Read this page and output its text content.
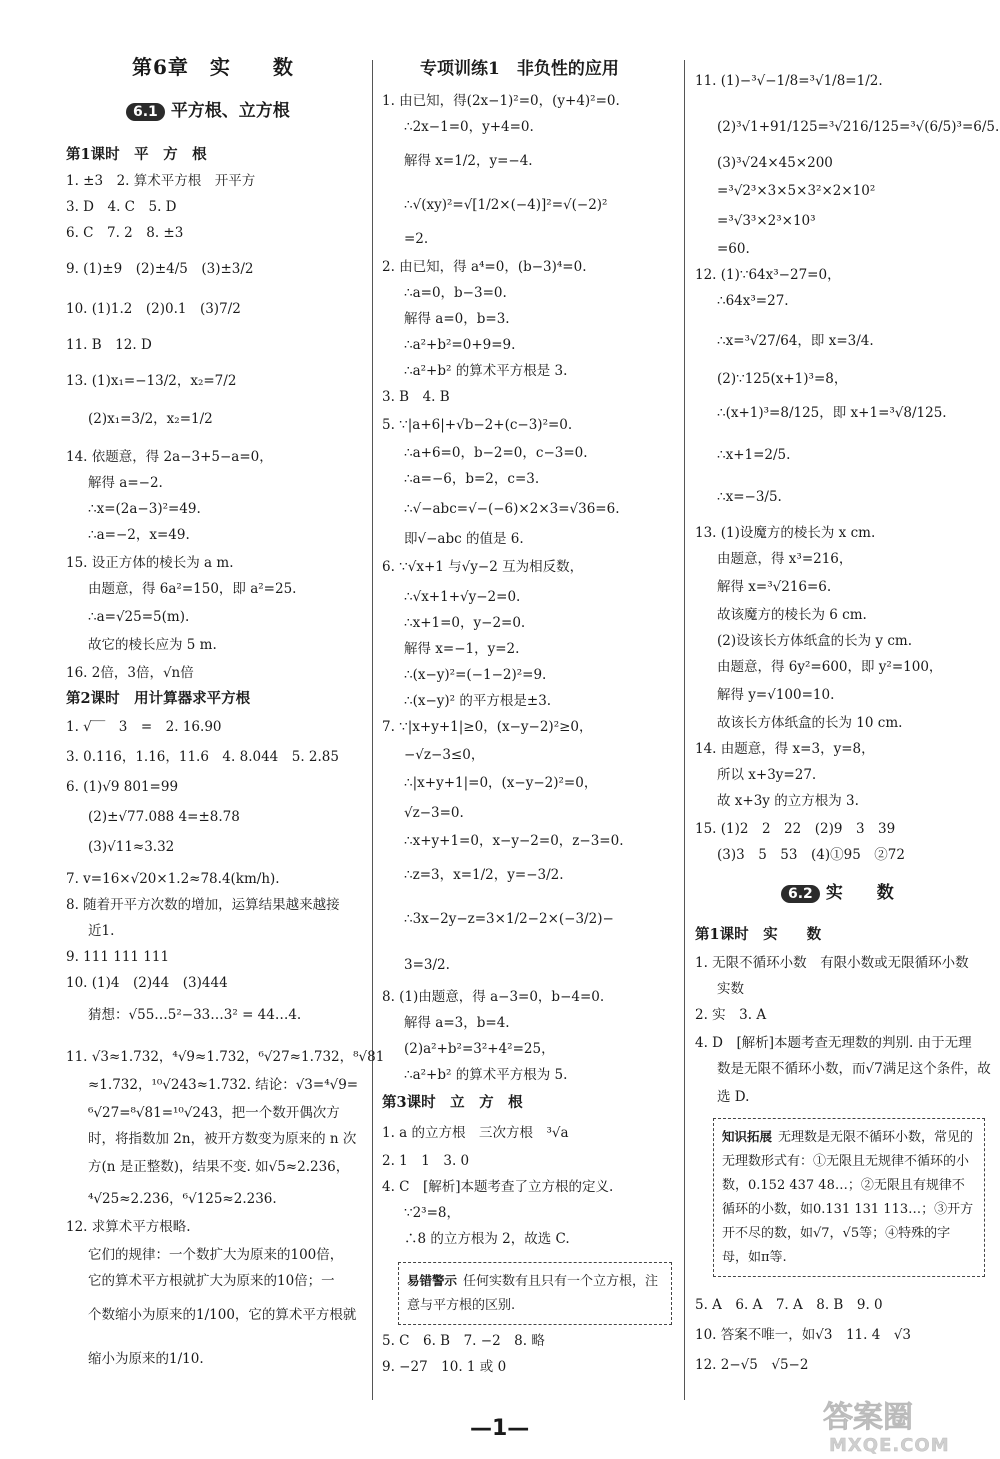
第6章　实　　数
6.1 平方根、立方根
第1课时　平　方　根
1. ±3　2. 算术平方根　开平方
3. D　4. C　5. D
6. C　7. 2　8. ±3
9. (1)±9　(2)±4/5　(3)±3/2
10. (1)1.2　(2)0.1　(3)7/2
11. B　12. D
13. (1)x₁=−13/2，x₂=7/2
(2)x₁=3/2，x₂=1/2
14. 依题意，得 2a−3+5−a=0，
解得 a=−2.
∴x=(2a−3)²=49.
∴a=−2，x=49.
15. 设正方体的棱长为 a m.
由题意，得 6a²=150，即 a²=25.
∴a=√25=5(m).
故它的棱长应为 5 m.
16. 2倍，3倍，√n倍
第2课时　用计算器求平方根
1. √‾‾　3　=　2. 16.90
3. 0.116，1.16，11.6　4. 8.044　5. 2.85
6. (1)√9 801=99
(2)±√77.088 4=±8.78
(3)√11≈3.32
7. v=16×√20×1.2≈78.4(km/h).
8. 随着开平方次数的增加，运算结果越来越接
近1.
9. 111 111 111
10. (1)4　(2)44　(3)444
猜想：√55…5²−33…3² = 44…4.
11. √3≈1.732，⁴√9≈1.732，⁶√27≈1.732，⁸√81
≈1.732，¹⁰√243≈1.732. 结论：√3=⁴√9=
⁶√27=⁸√81=¹⁰√243，把一个数开偶次方
时，将指数加 2n，被开方数变为原来的 n 次
方(n 是正整数)，结果不变. 如√5≈2.236，
⁴√25≈2.236，⁶√125≈2.236.
12. 求算术平方根略.
它们的规律：一个数扩大为原来的100倍，
它的算术平方根就扩大为原来的10倍；一
个数缩小为原来的1/100，它的算术平方根就
缩小为原来的1/10.
专项训练1　非负性的应用
1. 由已知，得(2x−1)²=0，(y+4)²=0.
∴2x−1=0，y+4=0.
解得 x=1/2，y=−4.
∴√(xy)²=√[1/2×(−4)]²=√(−2)²
=2.
2. 由已知，得 a⁴=0，(b−3)⁴=0.
∴a=0，b−3=0.
解得 a=0，b=3.
∴a²+b²=0+9=9.
∴a²+b² 的算术平方根是 3.
3. B　4. B
5. ∵|a+6|+√b−2+(c−3)²=0.
∴a+6=0，b−2=0，c−3=0.
∴a=−6，b=2，c=3.
∴√−abc=√−(−6)×2×3=√36=6.
即√−abc 的值是 6.
6. ∵√x+1 与√y−2 互为相反数，
∴√x+1+√y−2=0.
∴x+1=0，y−2=0.
解得 x=−1，y=2.
∴(x−y)²=(−1−2)²=9.
∴(x−y)² 的平方根是±3.
7. ∵|x+y+1|≥0，(x−y−2)²≥0，
−√z−3≤0，
∴|x+y+1|=0，(x−y−2)²=0，
√z−3=0.
∴x+y+1=0，x−y−2=0，z−3=0.
∴z=3，x=1/2，y=−3/2.
∴3x−2y−z=3×1/2−2×(−3/2)−
3=3/2.
8. (1)由题意，得 a−3=0，b−4=0.
解得 a=3，b=4.
(2)a²+b²=3²+4²=25，
∴a²+b² 的算术平方根为 5.
第3课时　立　方　根
1. a 的立方根　三次方根　³√a
2. 1　1　3. 0
4. C　[解析]本题考查了立方根的定义.
∵2³=8，
∴8 的立方根为 2，故选 C.
易错警示 任何实数有且只有一个立方根，注意与平方根的区别.
5. C　6. B　7. −2　8. 略
9. −27　10. 1 或 0
11. (1)−³√−1/8=³√1/8=1/2.
(2)³√1+91/125=³√216/125=³√(6/5)³=6/5.
(3)³√24×45×200
=³√2³×3×5×3²×2×10²
=³√3³×2³×10³
=60.
12. (1)∵64x³−27=0，
∴64x³=27.
∴x=³√27/64，即 x=3/4.
(2)∵125(x+1)³=8，
∴(x+1)³=8/125，即 x+1=³√8/125.
∴x+1=2/5.
∴x=−3/5.
13. (1)设魔方的棱长为 x cm.
由题意，得 x³=216，
解得 x=³√216=6.
故该魔方的棱长为 6 cm.
(2)设该长方体纸盒的长为 y cm.
由题意，得 6y²=600，即 y²=100，
解得 y=√100=10.
故该长方体纸盒的长为 10 cm.
14. 由题意，得 x=3，y=8，
所以 x+3y=27.
故 x+3y 的立方根为 3.
15. (1)2　2　22　(2)9　3　39
(3)3　5　53　(4)①95　②72
6.2 实　　数
第1课时　实　　数
1. 无限不循环小数　有限小数或无限循环小数
实数
2. 实　3. A
4. D　[解析]本题考查无理数的判别. 由于无理
数是无限不循环小数，而√7满足这个条件，故
选 D.
知识拓展 无理数是无限不循环小数，常见的无理数形式有：①无限且无规律不循环的小数，0.152 437 48…；②无限且有规律不循环的小数，如0.131 131 113…；③开方开不尽的数，如√7，√5等；④特殊的字母，如π等.
5. A　6. A　7. A　8. B　9. 0
10. 答案不唯一，如√3　11. 4　√3
12. 2−√5　√5−2
—1—	答案圈
MXQE.COM
